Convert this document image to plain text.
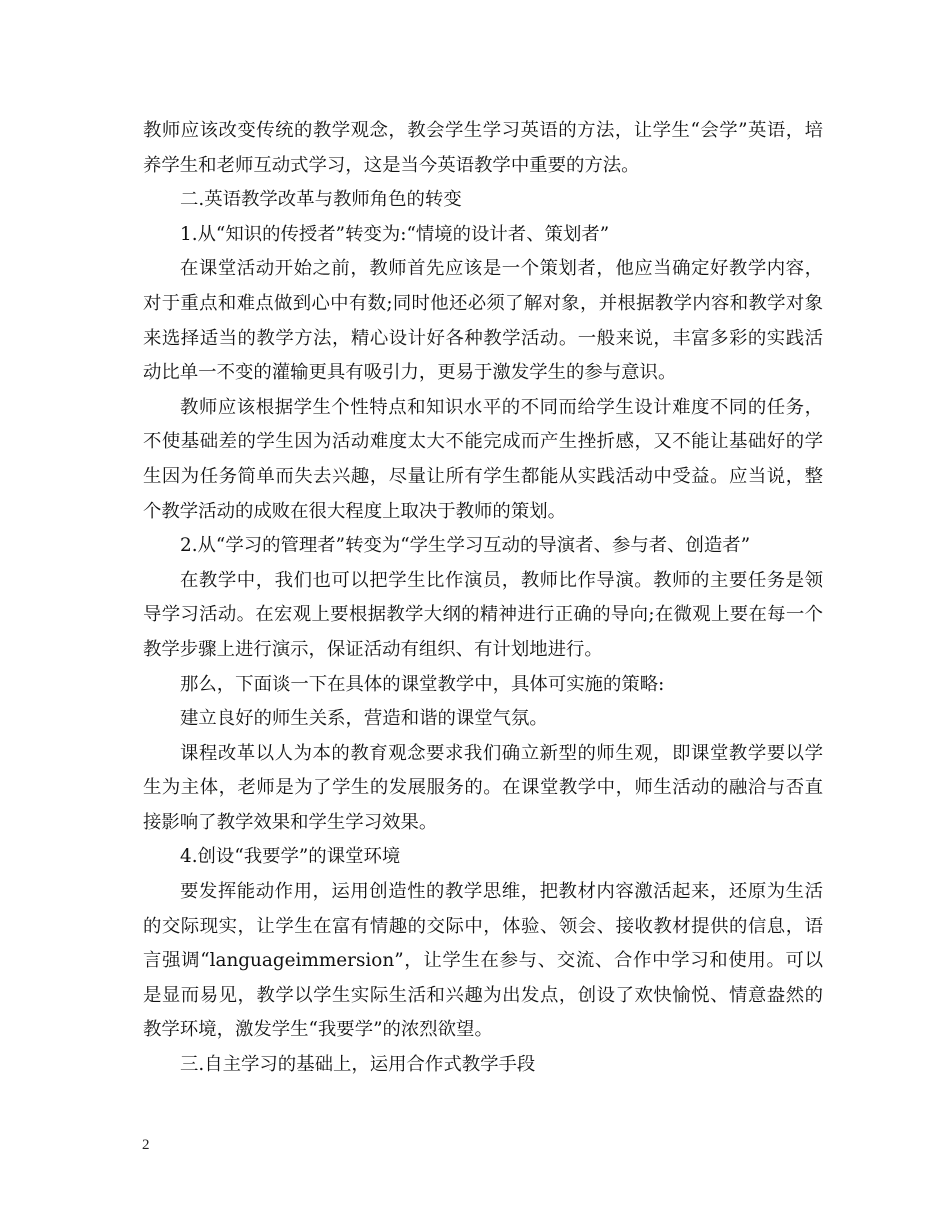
教师应该改变传统的教学观念，教会学生学习英语的方法，让学生“会学”英语，培养学生和老师互动式学习，这是当今英语教学中重要的方法。

二.英语教学改革与教师角色的转变

1.从“知识的传授者”转变为:“情境的设计者、策划者”

在课堂活动开始之前，教师首先应该是一个策划者，他应当确定好教学内容，对于重点和难点做到心中有数;同时他还必须了解对象，并根据教学内容和教学对象来选择适当的教学方法，精心设计好各种教学活动。一般来说，丰富多彩的实践活动比单一不变的灌输更具有吸引力，更易于激发学生的参与意识。

教师应该根据学生个性特点和知识水平的不同而给学生设计难度不同的任务，不使基础差的学生因为活动难度太大不能完成而产生挫折感，又不能让基础好的学生因为任务简单而失去兴趣，尽量让所有学生都能从实践活动中受益。应当说，整个教学活动的成败在很大程度上取决于教师的策划。

2.从“学习的管理者”转变为“学生学习互动的导演者、参与者、创造者”

在教学中，我们也可以把学生比作演员，教师比作导演。教师的主要任务是领导学习活动。在宏观上要根据教学大纲的精神进行正确的导向;在微观上要在每一个教学步骤上进行演示，保证活动有组织、有计划地进行。

那么，下面谈一下在具体的课堂教学中，具体可实施的策略:

建立良好的师生关系，营造和谐的课堂气氛。

课程改革以人为本的教育观念要求我们确立新型的师生观，即课堂教学要以学生为主体，老师是为了学生的发展服务的。在课堂教学中，师生活动的融洽与否直接影响了教学效果和学生学习效果。

4.创设“我要学”的课堂环境

要发挥能动作用，运用创造性的教学思维，把教材内容激活起来，还原为生活的交际现实，让学生在富有情趣的交际中，体验、领会、接收教材提供的信息，语言强调“languageimmersion”，让学生在参与、交流、合作中学习和使用。可以是显而易见，教学以学生实际生活和兴趣为出发点，创设了欢快愉悦、情意盎然的教学环境，激发学生“我要学”的浓烈欲望。

三.自主学习的基础上，运用合作式教学手段

2
